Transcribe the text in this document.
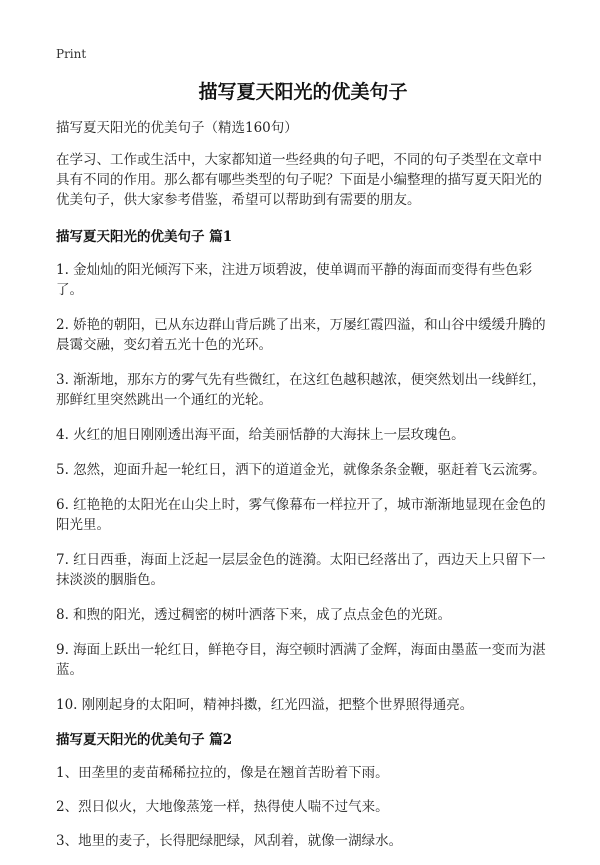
Print
描写夏天阳光的优美句子

描写夏天阳光的优美句子（精选160句）

在学习、工作或生活中，大家都知道一些经典的句子吧，不同的句子类型在文章中具有不同的作用。那么都有哪些类型的句子呢？下面是小编整理的描写夏天阳光的优美句子，供大家参考借鉴，希望可以帮助到有需要的朋友。

描写夏天阳光的优美句子 篇1

1. 金灿灿的阳光倾泻下来，注进万顷碧波，使单调而平静的海面而变得有些色彩了。

2. 娇艳的朝阳，已从东边群山背后跳了出来，万屡红霞四溢，和山谷中缓缓升腾的晨霭交融，变幻着五光十色的光环。

3. 渐渐地，那东方的雾气先有些微红，在这红色越积越浓，便突然划出一线鲜红，那鲜红里突然跳出一个通红的光轮。

4. 火红的旭日刚刚透出海平面，给美丽恬静的大海抹上一层玫瑰色。

5. 忽然，迎面升起一轮红日，洒下的道道金光，就像条条金鞭，驱赶着飞云流雾。

6. 红艳艳的太阳光在山尖上时，雾气像幕布一样拉开了，城市渐渐地显现在金色的阳光里。

7. 红日西垂，海面上泛起一层层金色的涟漪。太阳已经落出了，西边天上只留下一抹淡淡的胭脂色。

8. 和煦的阳光，透过稠密的树叶洒落下来，成了点点金色的光斑。

9. 海面上跃出一轮红日，鲜艳夺目，海空顿时洒满了金辉，海面由墨蓝一变而为湛蓝。

10. 刚刚起身的太阳呵，精神抖擞，红光四溢，把整个世界照得通亮。

描写夏天阳光的优美句子 篇2

1、田垄里的麦苗稀稀拉拉的，像是在翘首苦盼着下雨。

2、烈日似火，大地像蒸笼一样，热得使人喘不过气来。

3、地里的麦子，长得肥绿肥绿，风刮着，就像一湖绿水。
